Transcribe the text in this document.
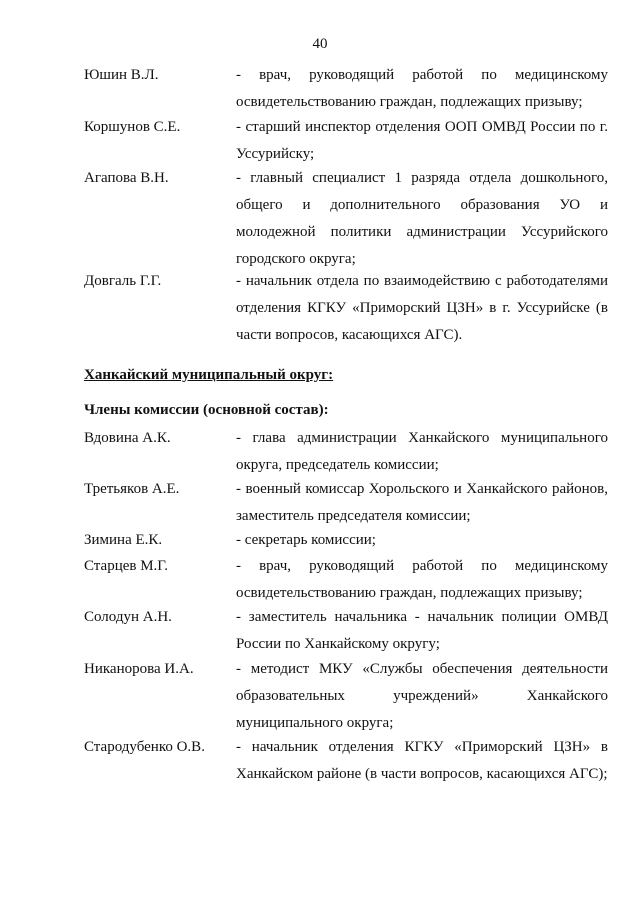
40
Юшин В.Л.	- врач, руководящий работой по медицинскому освидетельствованию граждан, подлежащих призыву;
Коршунов С.Е.	- старший инспектор отделения ООП ОМВД России по г. Уссурийску;
Агапова В.Н.	- главный специалист 1 разряда отдела дошкольного, общего и дополнительного образования УО и молодежной политики администрации Уссурийского городского округа;
Довгаль Г.Г.	- начальник отдела по взаимодействию с работодателями отделения КГКУ «Приморский ЦЗН» в г. Уссурийске (в части вопросов, касающихся АГС).
Ханкайский муниципальный округ:
Члены комиссии (основной состав):
Вдовина А.К.	- глава администрации Ханкайского муниципального округа, председатель комиссии;
Третьяков А.Е.	- военный комиссар Хорольского и Ханкайского районов, заместитель председателя комиссии;
Зимина Е.К.	- секретарь комиссии;
Старцев М.Г.	- врач, руководящий работой по медицинскому освидетельствованию граждан, подлежащих призыву;
Солодун А.Н.	- заместитель начальника - начальник полиции ОМВД России по Ханкайскому округу;
Никанорова И.А.	- методист МКУ «Службы обеспечения деятельности образовательных учреждений» Ханкайского муниципального округа;
Стародубенко О.В. - начальник отделения КГКУ «Приморский ЦЗН» в Ханкайском районе (в части вопросов, касающихся АГС);
